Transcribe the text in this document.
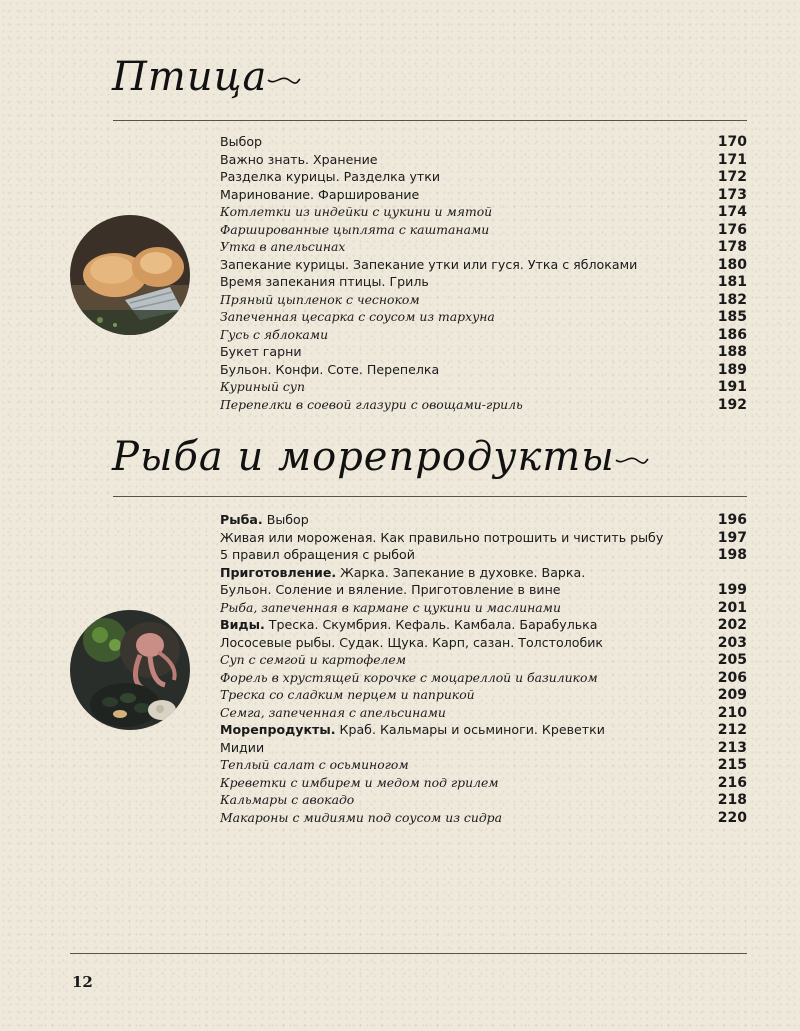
Птица
Выбор	170
Важно знать. Хранение	171
Разделка курицы. Разделка утки	172
Маринование. Фаршировaние	173
Котлетки из индейки с цукини и мятой	174
Фаршированные цыплята с каштанами	176
Утка в апельсинах	178
Запекание курицы. Запекание утки или гуся. Утка с яблоками	180
Время запекания птицы. Гриль	181
Пряный цыпленок с чесноком	182
Запеченная цесарка с соусом из тархуна	185
Гусь с яблоками	186
Букет гарни	188
Бульон. Конфи. Соте. Перепелка	189
Куриный суп	191
Перепелки в соевой глазури с овощами-гриль	192
Рыба и морепродукты
Рыба. Выбор	196
Живая или мороженая. Как правильно потрошить и чистить рыбу	197
5 правил обращения с рыбой	198
Приготовление. Жарка. Запекание в духовке. Варка.
Бульон. Соление и вяление. Приготовление в вине	199
Рыба, запеченная в кармане с цукини и маслинами	201
Виды. Треска. Скумбрия. Кефаль. Камбала. Барабулька	202
Лососевые рыбы. Судак. Щука. Карп, сазан. Толстолобик	203
Суп с семгой и картофелем	205
Форель в хрустящей корочке с моцареллой и базиликом	206
Треска со сладким перцем и паприкой	209
Семга, запеченная с апельсинами	210
Морепродукты. Краб. Кальмары и осьминоги. Креветки	212
Мидии	213
Теплый салат с осьминогом	215
Креветки с имбирем и медом под грилем	216
Кальмары с авокадо	218
Макароны с мидиями под соусом из сидра	220
12
